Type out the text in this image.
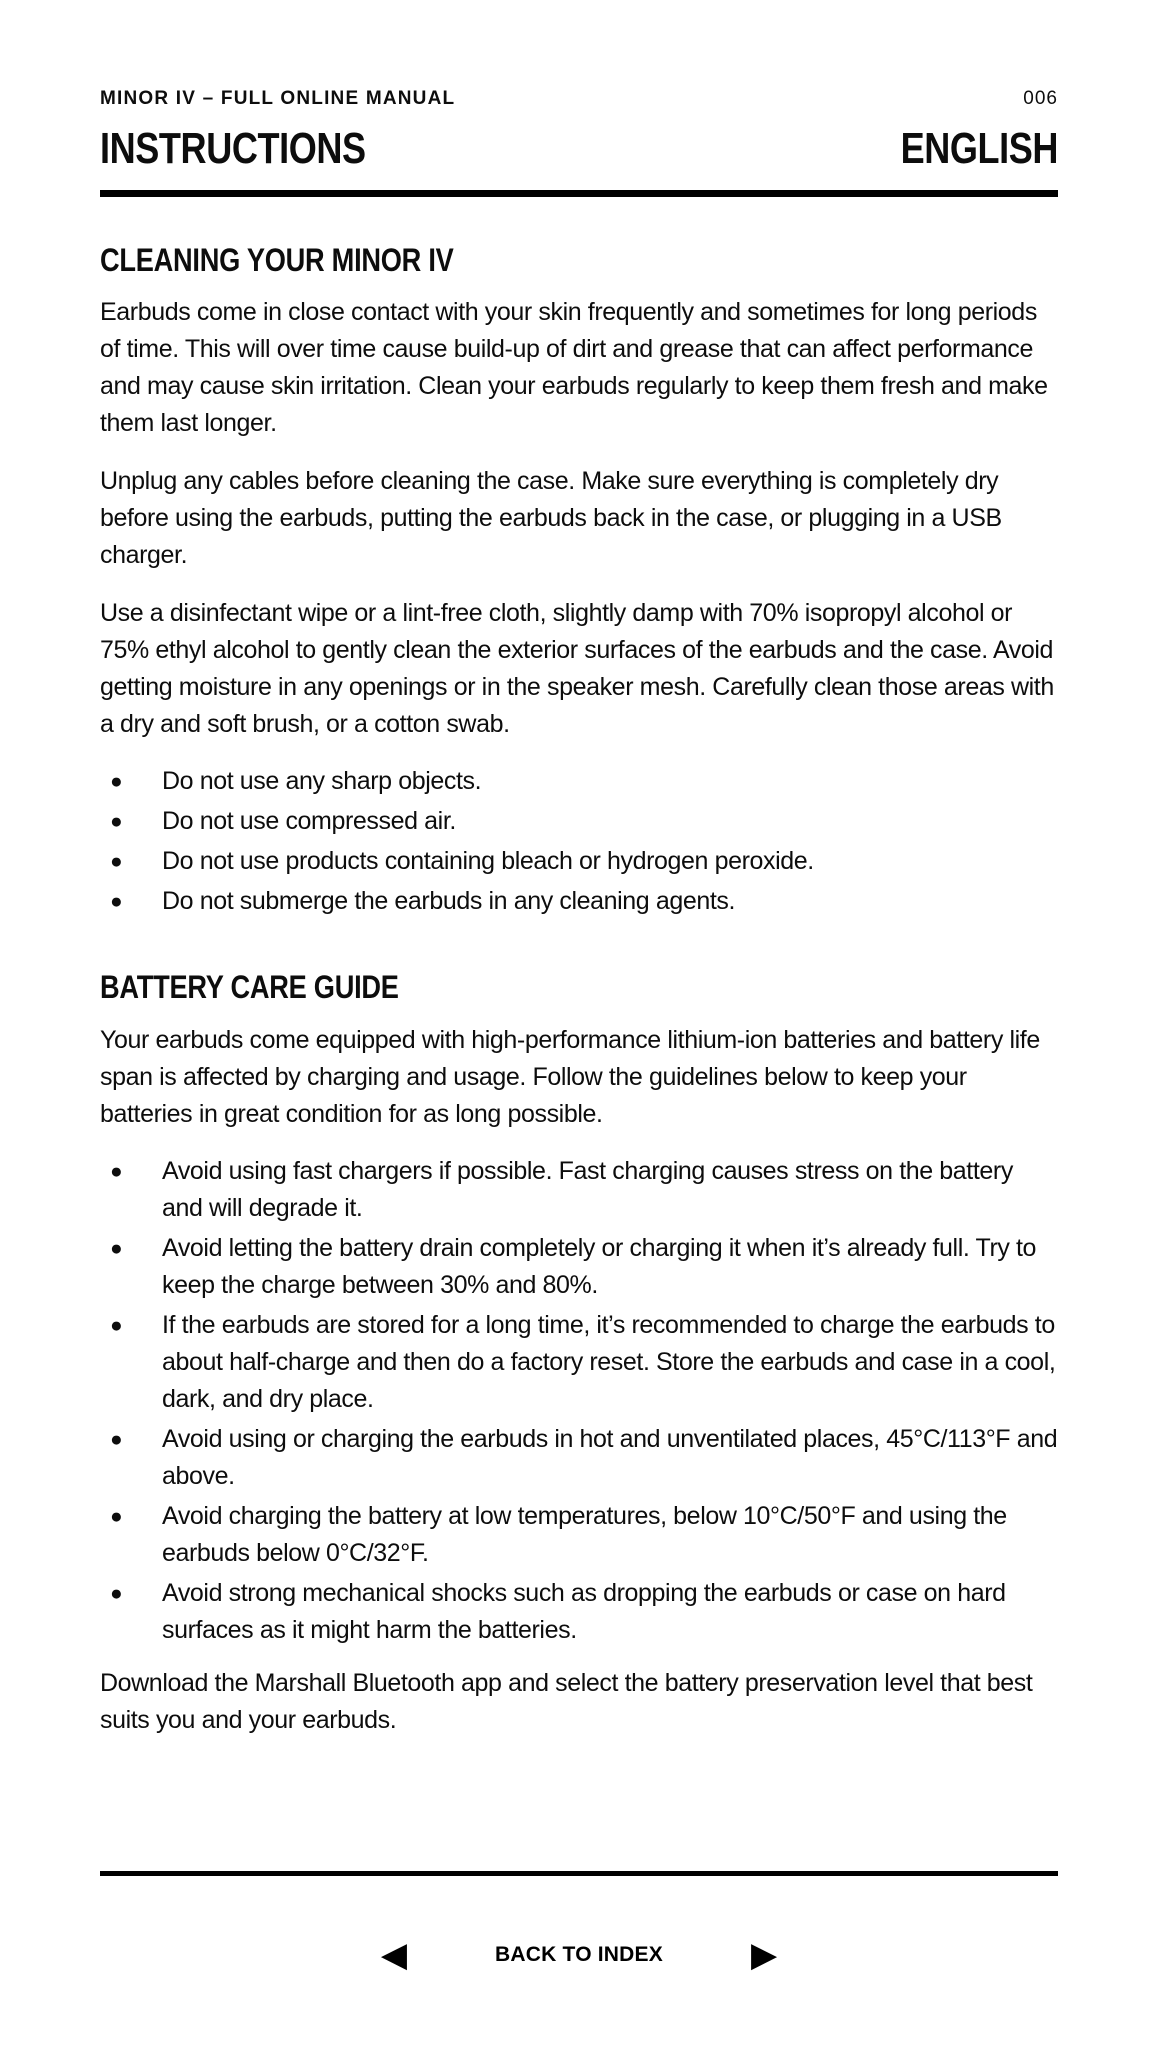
MINOR IV – FULL ONLINE MANUAL	006
INSTRUCTIONS	ENGLISH
CLEANING YOUR MINOR IV

Earbuds come in close contact with your skin frequently and sometimes for long periods of time. This will over time cause build-up of dirt and grease that can affect performance and may cause skin irritation. Clean your earbuds regularly to keep them fresh and make them last longer.

Unplug any cables before cleaning the case. Make sure everything is completely dry before using the earbuds, putting the earbuds back in the case, or plugging in a USB charger.

Use a disinfectant wipe or a lint-free cloth, slightly damp with 70% isopropyl alcohol or 75% ethyl alcohol to gently clean the exterior surfaces of the earbuds and the case. Avoid getting moisture in any openings or in the speaker mesh. Carefully clean those areas with a dry and soft brush, or a cotton swab.

●	Do not use any sharp objects.
●	Do not use compressed air.
●	Do not use products containing bleach or hydrogen peroxide.
●	Do not submerge the earbuds in any cleaning agents.
BATTERY CARE GUIDE

Your earbuds come equipped with high-performance lithium-ion batteries and battery life span is affected by charging and usage. Follow the guidelines below to keep your batteries in great condition for as long possible.

●	Avoid using fast chargers if possible. Fast charging causes stress on the battery and will degrade it.
●	Avoid letting the battery drain completely or charging it when it’s already full. Try to keep the charge between 30% and 80%.
●	If the earbuds are stored for a long time, it’s recommended to charge the earbuds to about half-charge and then do a factory reset. Store the earbuds and case in a cool, dark, and dry place.
●	Avoid using or charging the earbuds in hot and unventilated places, 45°C/113°F and above.
●	Avoid charging the battery at low temperatures, below 10°C/50°F and using the earbuds below 0°C/32°F.
●	Avoid strong mechanical shocks such as dropping the earbuds or case on hard surfaces as it might harm the batteries.

Download the Marshall Bluetooth app and select the battery preservation level that best suits you and your earbuds.

◀	BACK TO INDEX	▶
